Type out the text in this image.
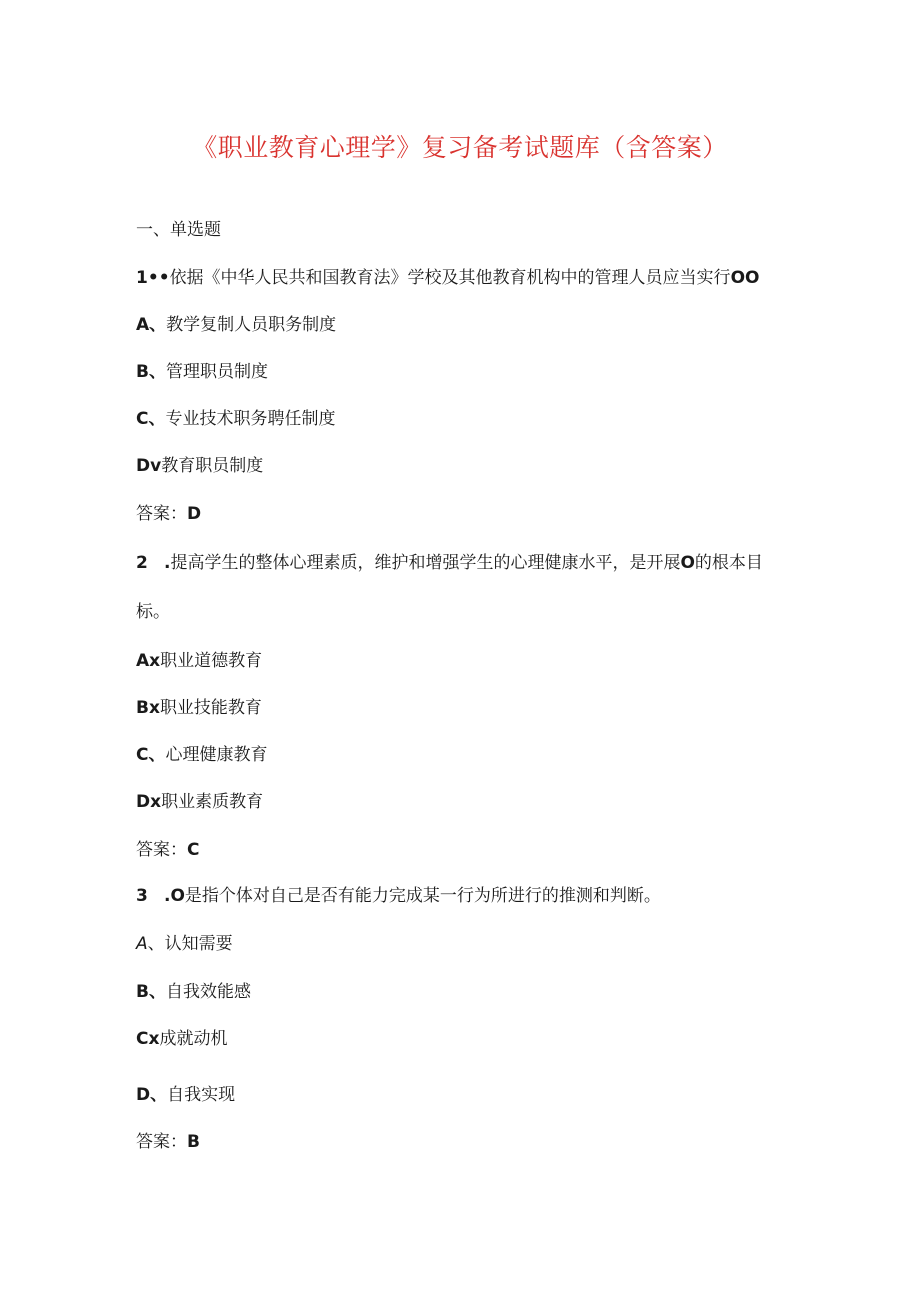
《职业教育心理学》复习备考试题库（含答案）
一、单选题
1••依据《中华人民共和国教育法》学校及其他教育机构中的管理人员应当实行OO
A、教学复制人员职务制度
B、管理职员制度
C、专业技术职务聘任制度
Dv教育职员制度
答案：D
2 .提高学生的整体心理素质，维护和增强学生的心理健康水平，是开展O的根本目
标。
Ax职业道德教育
Bx职业技能教育
C、心理健康教育
Dx职业素质教育
答案：C
3 .O是指个体对自己是否有能力完成某一行为所进行的推测和判断。
A、认知需要
B、自我效能感
Cx成就动机
D、自我实现
答案：B
